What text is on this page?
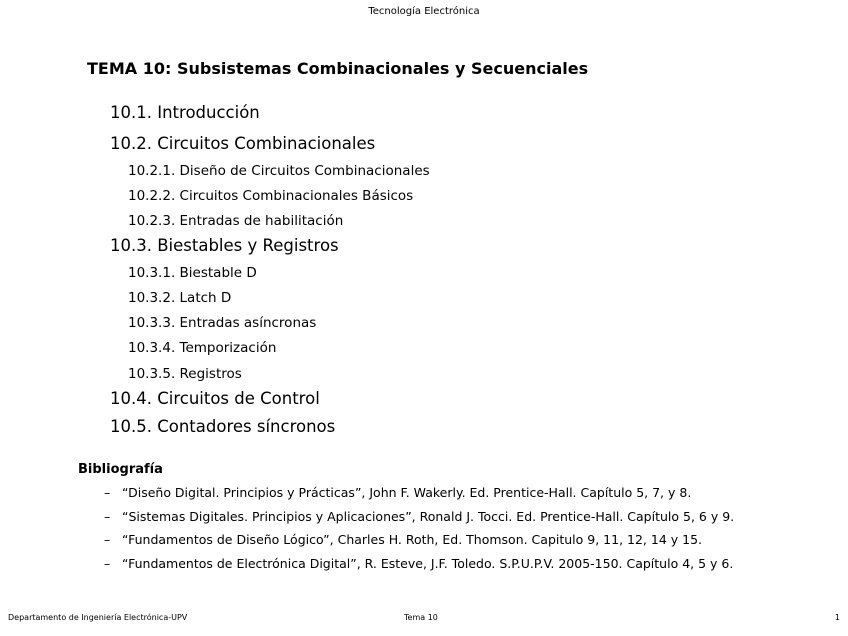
Tecnología Electrónica
TEMA 10: Subsistemas Combinacionales y Secuenciales
10.1. Introducción
10.2. Circuitos Combinacionales
10.2.1. Diseño de Circuitos Combinacionales
10.2.2. Circuitos Combinacionales Básicos
10.2.3. Entradas de habilitación
10.3. Biestables y Registros
10.3.1. Biestable D
10.3.2. Latch D
10.3.3. Entradas asíncronas
10.3.4. Temporización
10.3.5. Registros
10.4. Circuitos de Control
10.5. Contadores síncronos
Bibliografía
– “Diseño Digital. Principios y Prácticas”, John F. Wakerly. Ed. Prentice-Hall. Capítulo 5, 7, y 8.
– “Sistemas Digitales. Principios y Aplicaciones”, Ronald J. Tocci. Ed. Prentice-Hall. Capítulo 5, 6 y 9.
– “Fundamentos de Diseño Lógico”, Charles H. Roth, Ed. Thomson. Capitulo 9, 11, 12, 14 y 15.
– “Fundamentos de Electrónica Digital”, R. Esteve, J.F. Toledo. S.P.U.P.V. 2005-150. Capítulo 4, 5 y 6.
Departamento de Ingeniería Electrónica-UPV	Tema 10	1
